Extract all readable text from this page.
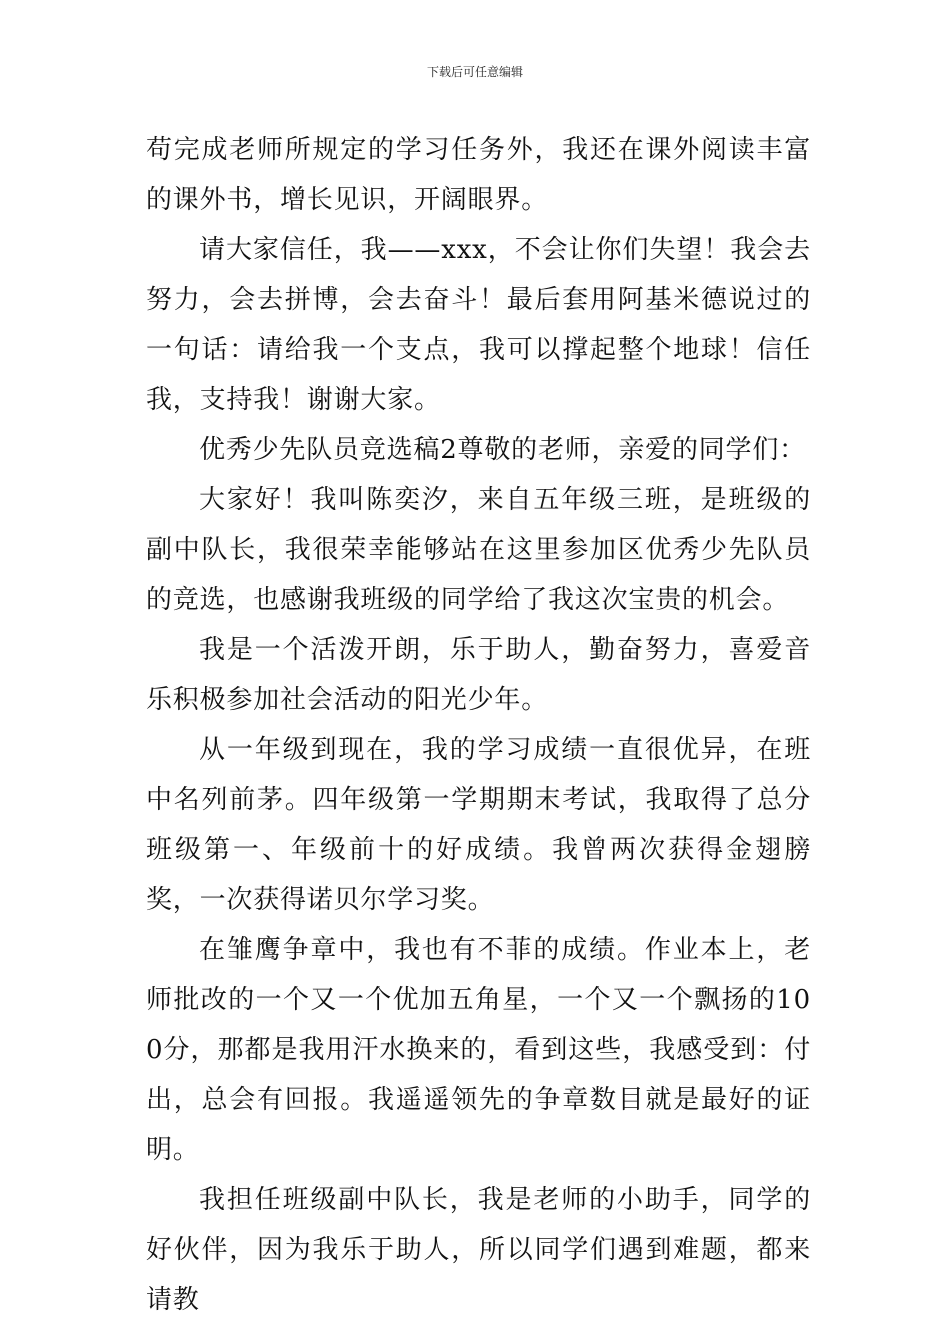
下载后可任意编辑

苟完成老师所规定的学习任务外，我还在课外阅读丰富的课外书，增长见识，开阔眼界。

请大家信任，我——xxx，不会让你们失望！我会去努力，会去拼博，会去奋斗！最后套用阿基米德说过的一句话：请给我一个支点，我可以撑起整个地球！信任我，支持我！谢谢大家。

优秀少先队员竞选稿2尊敬的老师，亲爱的同学们：

大家好！我叫陈奕汐，来自五年级三班，是班级的副中队长，我很荣幸能够站在这里参加区优秀少先队员的竞选，也感谢我班级的同学给了我这次宝贵的机会。

我是一个活泼开朗，乐于助人，勤奋努力，喜爱音乐积极参加社会活动的阳光少年。

从一年级到现在，我的学习成绩一直很优异，在班中名列前茅。四年级第一学期期末考试，我取得了总分班级第一、年级前十的好成绩。我曾两次获得金翅膀奖，一次获得诺贝尔学习奖。

在雏鹰争章中，我也有不菲的成绩。作业本上，老师批改的一个又一个优加五角星，一个又一个飘扬的100分，那都是我用汗水换来的，看到这些，我感受到：付出，总会有回报。我遥遥领先的争章数目就是最好的证明。

我担任班级副中队长，我是老师的小助手，同学的好伙伴，因为我乐于助人，所以同学们遇到难题，都来请教
